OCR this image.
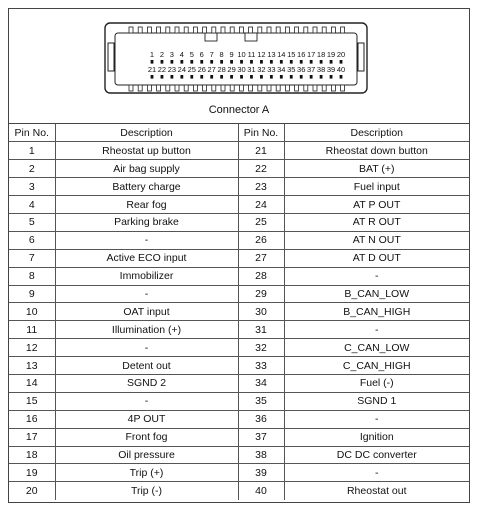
1 2 3 4 5 6 7 8 9 10 11 12 13 14 15 16 17 18 19 20
21 22 23 24 25 26 27 28 29 30 31 32 33 34 35 36 37 38 39 40
Connector A
Pin No.	Description	Pin No.	Description
1	Rheostat up button	21	Rheostat down button
2	Air bag supply	22	BAT (+)
3	Battery charge	23	Fuel input
4	Rear fog	24	AT P OUT
5	Parking brake	25	AT R OUT
6	-	26	AT N OUT
7	Active ECO input	27	AT D OUT
8	Immobilizer	28	-
9	-	29	B_CAN_LOW
10	OAT input	30	B_CAN_HIGH
11	Illumination (+)	31	-
12	-	32	C_CAN_LOW
13	Detent out	33	C_CAN_HIGH
14	SGND 2	34	Fuel (-)
15	-	35	SGND 1
16	4P OUT	36	-
17	Front fog	37	Ignition
18	Oil pressure	38	DC DC converter
19	Trip (+)	39	-
20	Trip (-)	40	Rheostat out
